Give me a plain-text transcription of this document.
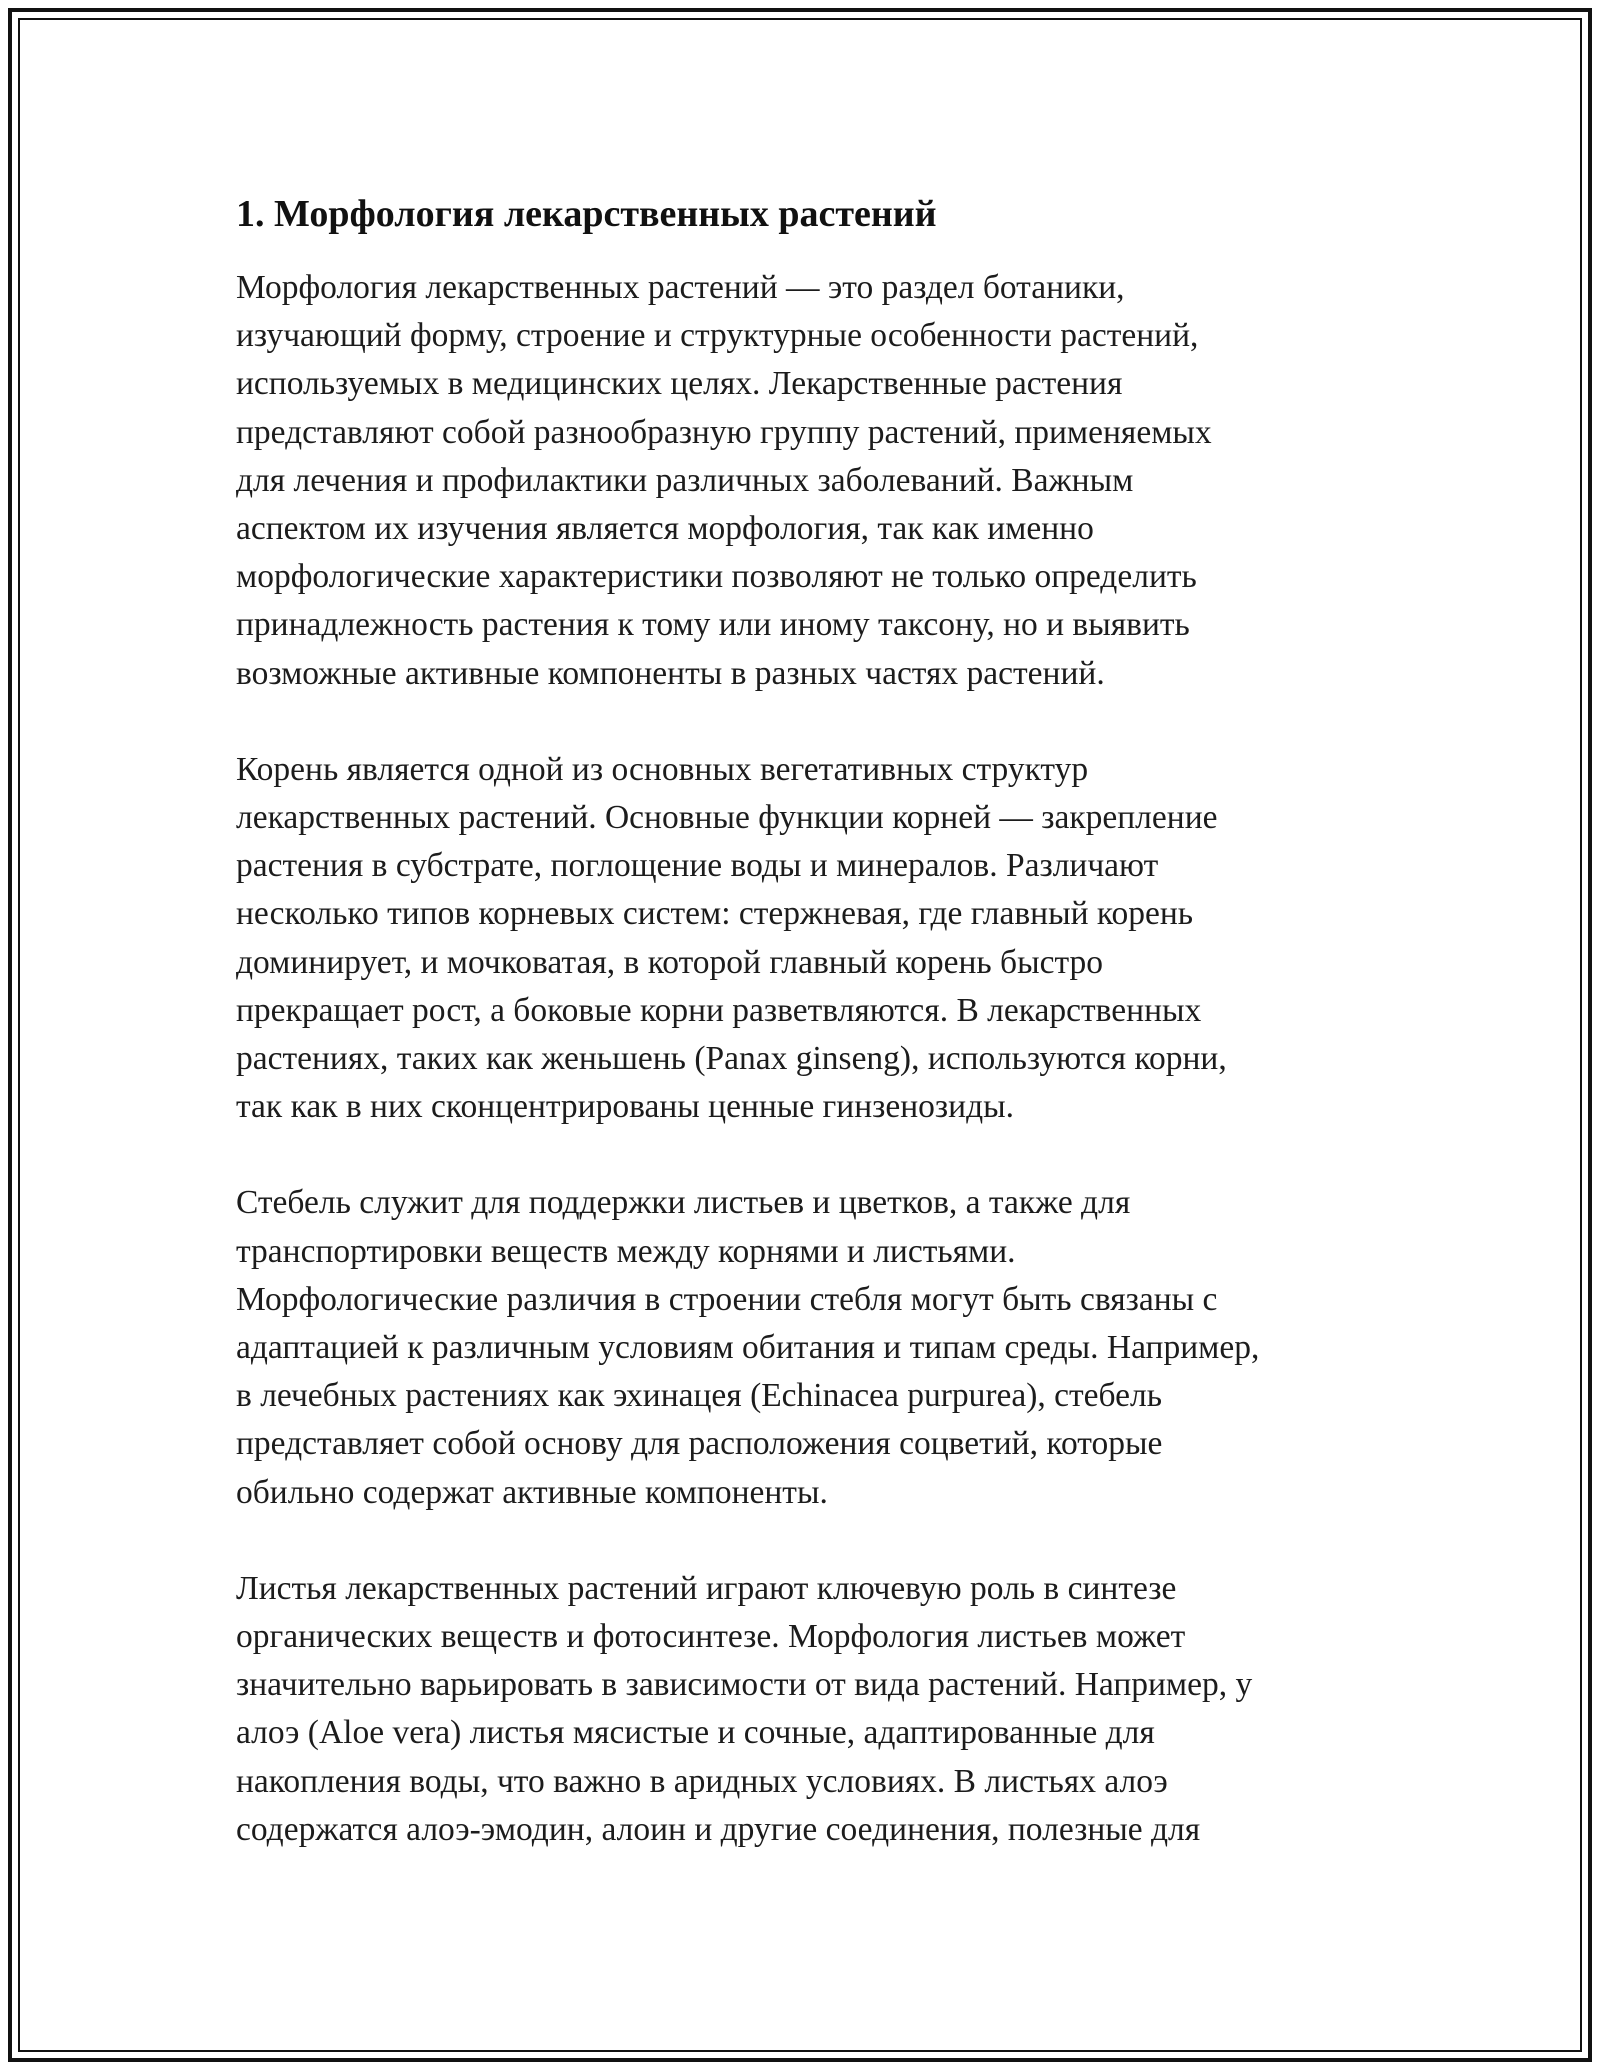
1. Морфология лекарственных растений

Морфология лекарственных растений — это раздел ботаники,
изучающий форму, строение и структурные особенности растений,
используемых в медицинских целях. Лекарственные растения
представляют собой разнообразную группу растений, применяемых
для лечения и профилактики различных заболеваний. Важным
аспектом их изучения является морфология, так как именно
морфологические характеристики позволяют не только определить
принадлежность растения к тому или иному таксону, но и выявить
возможные активные компоненты в разных частях растений.

Корень является одной из основных вегетативных структур
лекарственных растений. Основные функции корней — закрепление
растения в субстрате, поглощение воды и минералов. Различают
несколько типов корневых систем: стержневая, где главный корень
доминирует, и мочковатая, в которой главный корень быстро
прекращает рост, а боковые корни разветвляются. В лекарственных
растениях, таких как женьшень (Panax ginseng), используются корни,
так как в них сконцентрированы ценные гинзенозиды.

Стебель служит для поддержки листьев и цветков, а также для
транспортировки веществ между корнями и листьями.
Морфологические различия в строении стебля могут быть связаны с
адаптацией к различным условиям обитания и типам среды. Например,
в лечебных растениях как эхинацея (Echinacea purpurea), стебель
представляет собой основу для расположения соцветий, которые
обильно содержат активные компоненты.

Листья лекарственных растений играют ключевую роль в синтезе
органических веществ и фотосинтезе. Морфология листьев может
значительно варьировать в зависимости от вида растений. Например, у
алоэ (Aloe vera) листья мясистые и сочные, адаптированные для
накопления воды, что важно в аридных условиях. В листьях алоэ
содержатся алоэ-эмодин, алоин и другие соединения, полезные для
